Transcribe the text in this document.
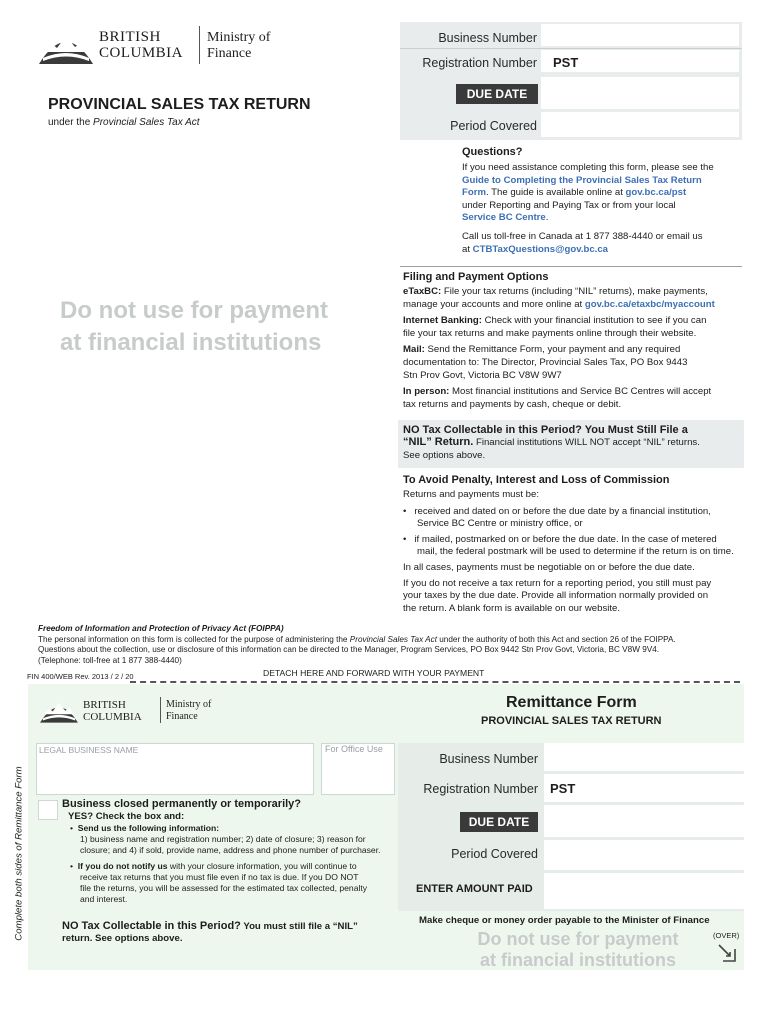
BRITISH
COLUMBIA
Ministry of
Finance
PROVINCIAL SALES TAX RETURN
under the Provincial Sales Tax Act
Business Number
Registration Number PST
DUE DATE
Period Covered
Questions?
If you need assistance completing this form, please see the
Guide to Completing the Provincial Sales Tax Return
Form. The guide is available online at gov.bc.ca/pst
under Reporting and Paying Tax or from your local
Service BC Centre.
Call us toll-free in Canada at 1 877 388-4440 or email us
at CTBTaxQuestions@gov.bc.ca
Do not use for payment
at financial institutions
Filing and Payment Options
eTaxBC: File your tax returns (including “NIL” returns), make payments,
manage your accounts and more online at gov.bc.ca/etaxbc/myaccount
Internet Banking: Check with your financial institution to see if you can
file your tax returns and make payments online through their website.
Mail: Send the Remittance Form, your payment and any required
documentation to: The Director, Provincial Sales Tax, PO Box 9443
Stn Prov Govt, Victoria BC V8W 9W7
In person: Most financial institutions and Service BC Centres will accept
tax returns and payments by cash, cheque or debit.
NO Tax Collectable in this Period? You Must Still File a
“NIL” Return. Financial institutions WILL NOT accept “NIL” returns.
See options above.
To Avoid Penalty, Interest and Loss of Commission
Returns and payments must be:
•   received and dated on or before the due date by a financial institution,
Service BC Centre or ministry office, or
•   if mailed, postmarked on or before the due date. In the case of metered
mail, the federal postmark will be used to determine if the return is on time.
In all cases, payments must be negotiable on or before the due date.
If you do not receive a tax return for a reporting period, you still must pay
your taxes by the due date. Provide all information normally provided on
the return. A blank form is available on our website.
Freedom of Information and Protection of Privacy Act (FOIPPA)
The personal information on this form is collected for the purpose of administering the Provincial Sales Tax Act under the authority of both this Act and section 26 of the FOIPPA.
Questions about the collection, use or disclosure of this information can be directed to the Manager, Program Services, PO Box 9442 Stn Prov Govt, Victoria, BC V8W 9V4.
(Telephone: toll-free at 1 877 388-4440)
FIN 400/WEB Rev. 2013 / 2 / 20	DETACH HERE AND FORWARD WITH YOUR PAYMENT
BRITISH
COLUMBIA
Ministry of
Finance
Remittance Form
PROVINCIAL SALES TAX RETURN
LEGAL BUSINESS NAME	For Office Use
Business Number
Registration Number PST
DUE DATE
Period Covered
ENTER AMOUNT PAID
Make cheque or money order payable to the Minister of Finance
(OVER)
Do not use for payment
at financial institutions
Business closed permanently or temporarily?
YES? Check the box and:
•  Send us the following information:
1) business name and registration number; 2) date of closure; 3) reason for
closure; and 4) if sold, provide name, address and phone number of purchaser.
•  If you do not notify us with your closure information, you will continue to
receive tax returns that you must file even if no tax is due. If you DO NOT
file the returns, you will be assessed for the estimated tax collected, penalty
and interest.
NO Tax Collectable in this Period? You must still file a “NIL”
return. See options above.
Complete both sides of Remittance Form
